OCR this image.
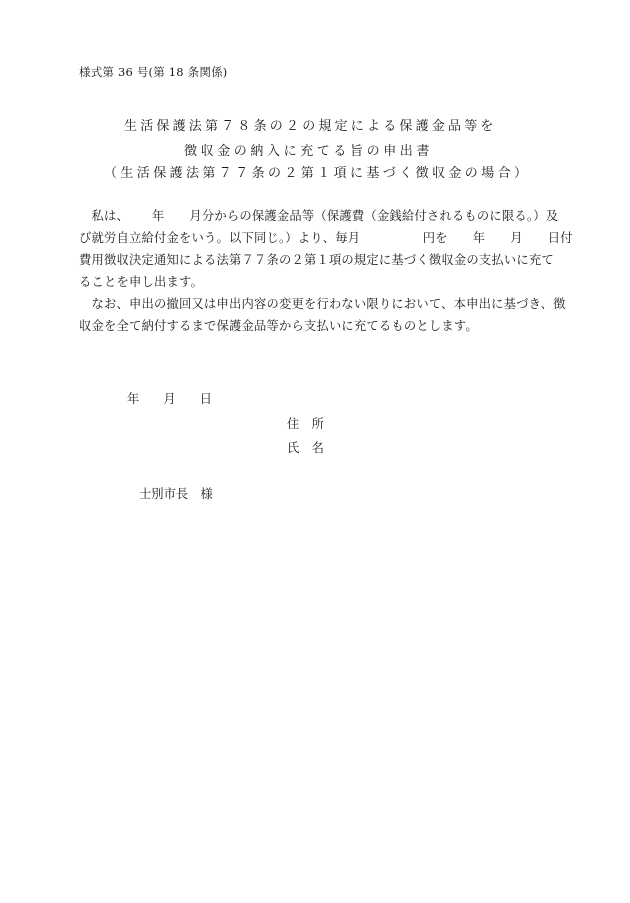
様式第 36 号(第 18 条関係)
生活保護法第７８条の２の規定による保護金品等を
徴収金の納入に充てる旨の申出書
（生活保護法第７７条の２第１項に基づく徴収金の場合）
　私は、　　 年　　月分からの保護金品等（保護費（金銭給付されるものに限る。）及
び就労自立給付金をいう。以下同じ。）より、毎月　　　　　円を　　年　　月　　日付
費用徴収決定通知による法第７７条の２第１項の規定に基づく徴収金の支払いに充て
ることを申し出ます。
　なお、申出の撤回又は申出内容の変更を行わない限りにおいて、本申出に基づき、徴
収金を全て納付するまで保護金品等から支払いに充てるものとします。
年 月 日
住　所
氏　名
士別市長　様
